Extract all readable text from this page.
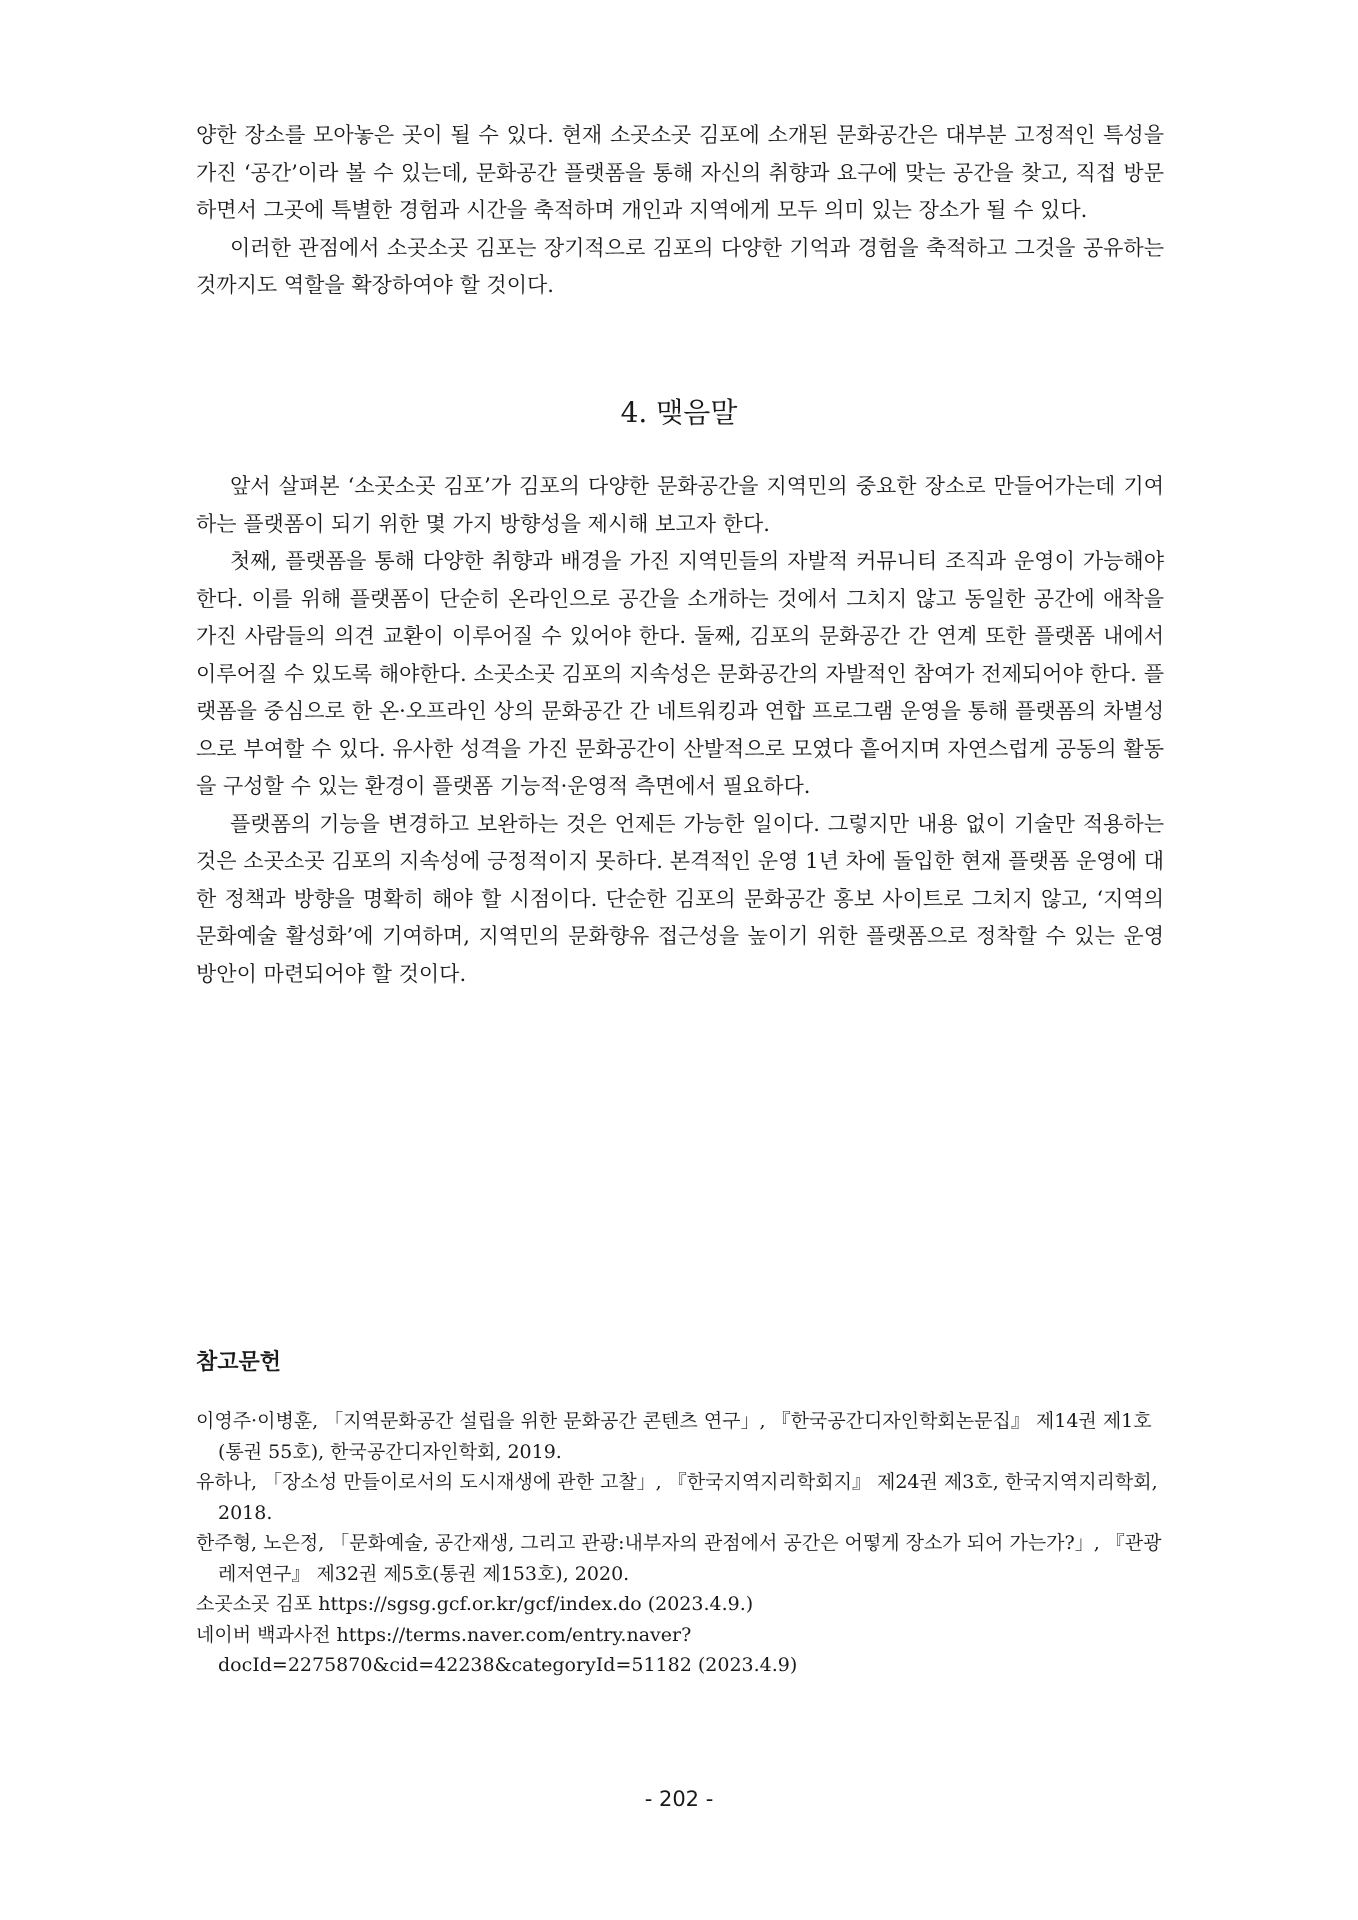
양한 장소를 모아놓은 곳이 될 수 있다. 현재 소곳소곳 김포에 소개된 문화공간은 대부분 고정적인 특성을 가진 ‘공간’이라 볼 수 있는데, 문화공간 플랫폼을 통해 자신의 취향과 요구에 맞는 공간을 찾고, 직접 방문하면서 그곳에 특별한 경험과 시간을 축적하며 개인과 지역에게 모두 의미 있는 장소가 될 수 있다.

이러한 관점에서 소곳소곳 김포는 장기적으로 김포의 다양한 기억과 경험을 축적하고 그것을 공유하는 것까지도 역할을 확장하여야 할 것이다.

4. 맺음말

앞서 살펴본 ‘소곳소곳 김포’가 김포의 다양한 문화공간을 지역민의 중요한 장소로 만들어가는데 기여하는 플랫폼이 되기 위한 몇 가지 방향성을 제시해 보고자 한다.

첫째, 플랫폼을 통해 다양한 취향과 배경을 가진 지역민들의 자발적 커뮤니티 조직과 운영이 가능해야 한다. 이를 위해 플랫폼이 단순히 온라인으로 공간을 소개하는 것에서 그치지 않고 동일한 공간에 애착을 가진 사람들의 의견 교환이 이루어질 수 있어야 한다. 둘째, 김포의 문화공간 간 연계 또한 플랫폼 내에서 이루어질 수 있도록 해야한다. 소곳소곳 김포의 지속성은 문화공간의 자발적인 참여가 전제되어야 한다. 플랫폼을 중심으로 한 온·오프라인 상의 문화공간 간 네트워킹과 연합 프로그램 운영을 통해 플랫폼의 차별성으로 부여할 수 있다. 유사한 성격을 가진 문화공간이 산발적으로 모였다 흩어지며 자연스럽게 공동의 활동을 구성할 수 있는 환경이 플랫폼 기능적·운영적 측면에서 필요하다.

플랫폼의 기능을 변경하고 보완하는 것은 언제든 가능한 일이다. 그렇지만 내용 없이 기술만 적용하는 것은 소곳소곳 김포의 지속성에 긍정적이지 못하다. 본격적인 운영 1년 차에 돌입한 현재 플랫폼 운영에 대한 정책과 방향을 명확히 해야 할 시점이다. 단순한 김포의 문화공간 홍보 사이트로 그치지 않고, ‘지역의 문화예술 활성화’에 기여하며, 지역민의 문화향유 접근성을 높이기 위한 플랫폼으로 정착할 수 있는 운영 방안이 마련되어야 할 것이다.

참고문헌

이영주·이병훈, 「지역문화공간 설립을 위한 문화공간 콘텐츠 연구」, 『한국공간디자인학회논문집』 제14권 제1호(통권 55호), 한국공간디자인학회, 2019.

유하나, 「장소성 만들이로서의 도시재생에 관한 고찰」, 『한국지역지리학회지』 제24권 제3호, 한국지역지리학회, 2018.

한주형, 노은정, 「문화예술, 공간재생, 그리고 관광:내부자의 관점에서 공간은 어떻게 장소가 되어 가는가?」, 『관광레저연구』 제32권 제5호(통권 제153호), 2020.

소곳소곳 김포 https://sgsg.gcf.or.kr/gcf/index.do (2023.4.9.)

네이버 백과사전 https://terms.naver.com/entry.naver?docId=2275870&cid=42238&categoryId=51182 (2023.4.9)

- 202 -
